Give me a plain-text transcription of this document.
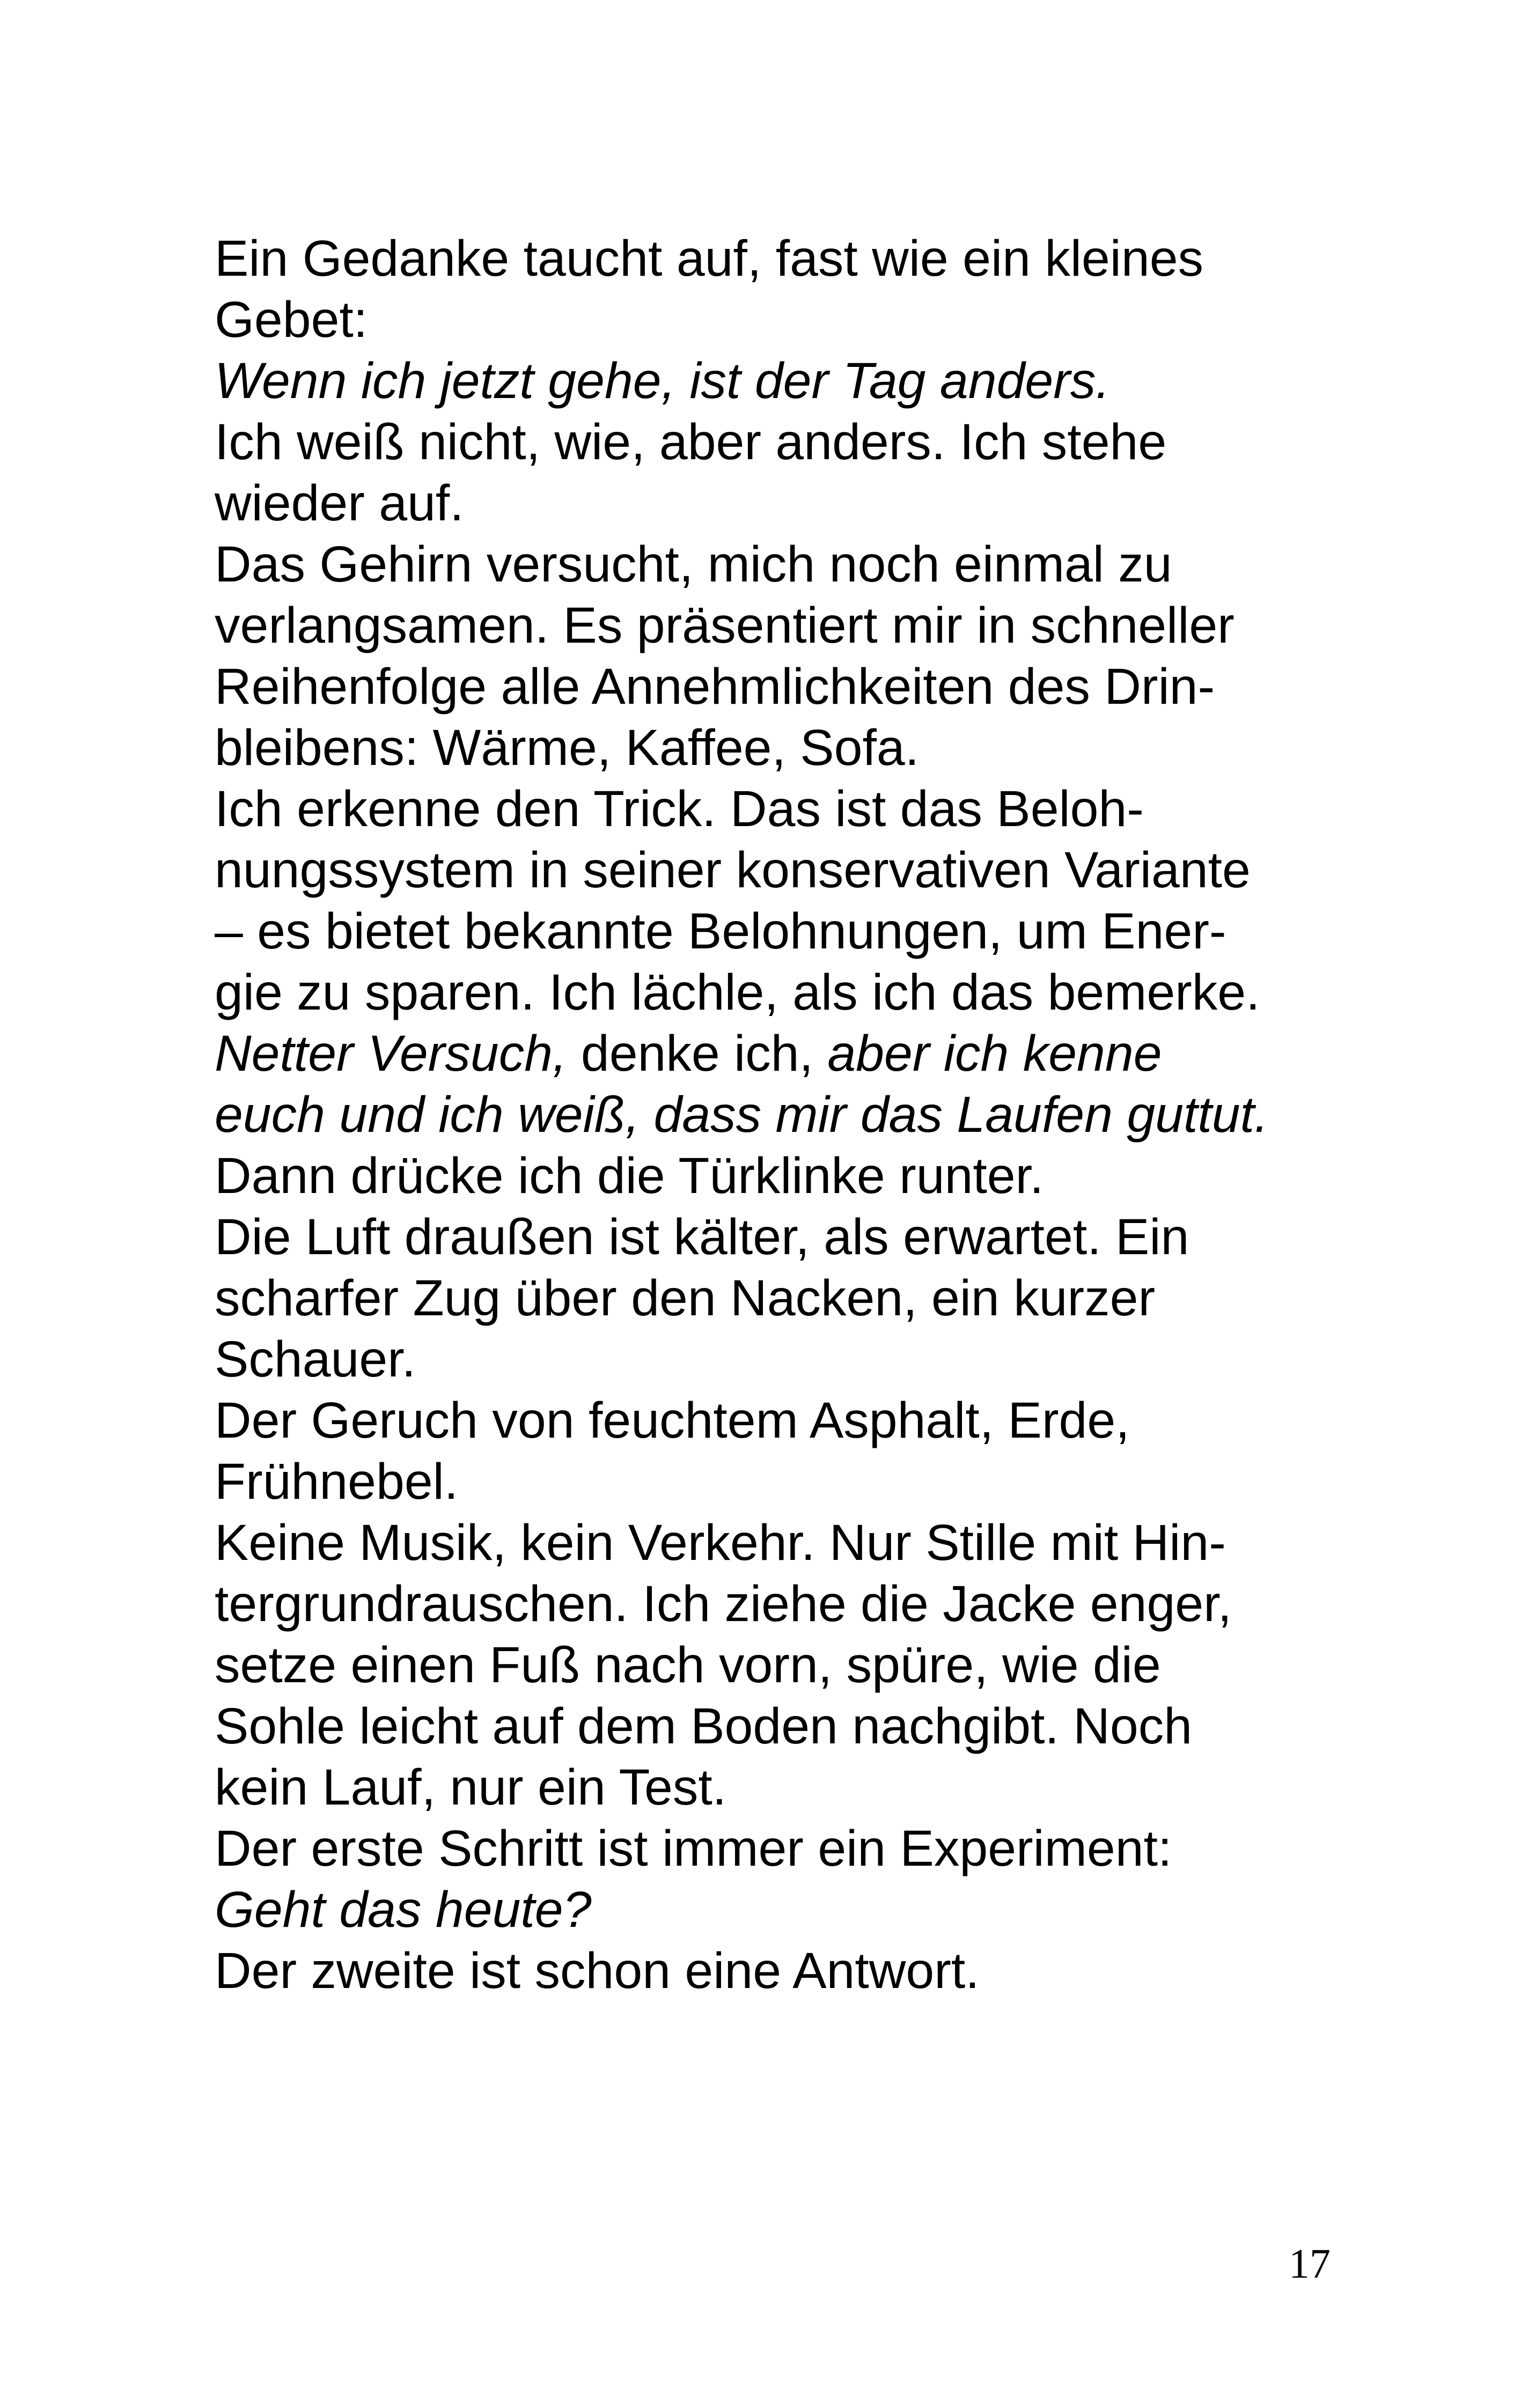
Ein Gedanke taucht auf, fast wie ein kleines
Gebet:
Wenn ich jetzt gehe, ist der Tag anders.
Ich weiß nicht, wie, aber anders. Ich stehe
wieder auf.
Das Gehirn versucht, mich noch einmal zu
verlangsamen. Es präsentiert mir in schneller
Reihenfolge alle Annehmlichkeiten des Drin-
bleibens: Wärme, Kaffee, Sofa.
Ich erkenne den Trick. Das ist das Beloh-
nungssystem in seiner konservativen Variante
– es bietet bekannte Belohnungen, um Ener-
gie zu sparen. Ich lächle, als ich das bemerke.
Netter Versuch, denke ich, aber ich kenne
euch und ich weiß, dass mir das Laufen guttut.
Dann drücke ich die Türklinke runter.
Die Luft draußen ist kälter, als erwartet. Ein
scharfer Zug über den Nacken, ein kurzer
Schauer.
Der Geruch von feuchtem Asphalt, Erde,
Frühnebel.
Keine Musik, kein Verkehr. Nur Stille mit Hin-
tergrundrauschen. Ich ziehe die Jacke enger,
setze einen Fuß nach vorn, spüre, wie die
Sohle leicht auf dem Boden nachgibt. Noch
kein Lauf, nur ein Test.
Der erste Schritt ist immer ein Experiment:
Geht das heute?
Der zweite ist schon eine Antwort.
17
